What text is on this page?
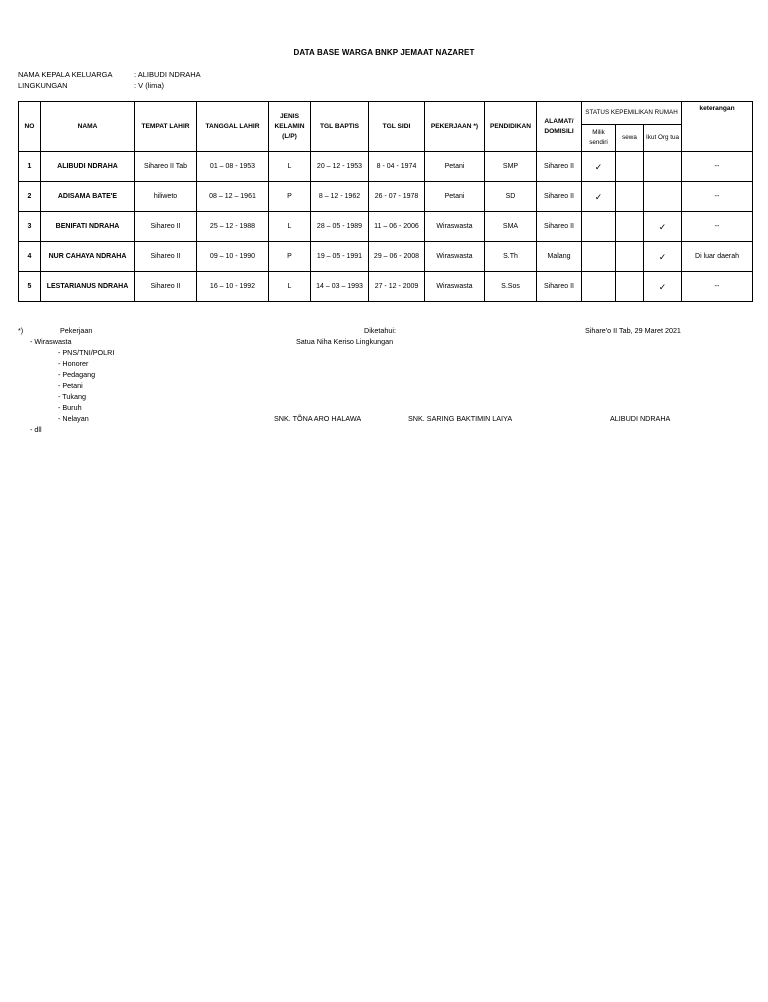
DATA BASE WARGA BNKP JEMAAT NAZARET
NAMA KEPALA KELUARGA	: ALIBUDI NDRAHA
LINGKUNGAN	: V (lima)
NO	NAMA	TEMPAT LAHIR	TANGGAL LAHIR	JENIS KELAMIN (L/P)	TGL BAPTIS	TGL SIDI	PEKERJAAN *)	PENDIDIKAN	ALAMAT/ DOMISILI	STATUS KEPEMILIKAN RUMAH			keterangan
										Milik sendiri	sewa	Ikut Org tua	
1	ALIBUDI NDRAHA	Sihareo II Tab	01 – 08 - 1953	L	20 – 12 - 1953	8 - 04 - 1974	Petani	SMP	Sihareo II	✓			--
2	ADISAMA BATE'E	hiliweto	08 – 12 – 1961	P	8 – 12 - 1962	26 - 07 - 1978	Petani	SD	Sihareo II	✓			--
3	BENIFATI NDRAHA	Sihareo II	25 – 12 - 1988	L	28 – 05 - 1989	11 – 06 - 2006	Wiraswasta	SMA	Sihareo II			✓	--
4	NUR CAHAYA NDRAHA	Sihareo II	09 – 10 - 1990	P	19 – 05 - 1991	29 – 06 - 2008	Wiraswasta	S.Th	Malang			✓	Di luar daerah
5	LESTARIANUS NDRAHA	Sihareo II	16 – 10 - 1992	L	14 – 03 – 1993	27 - 12 - 2009	Wiraswasta	S.Sos	Sihareo II			✓	--
*)	Pekerjaan
- Wiraswasta
- PNS/TNI/POLRI
- Honorer
- Pedagang
- Petani
- Tukang
- Buruh
- Nelayan
- dll
Diketahui:
Satua Niha Keriso Lingkungan
Sihare'o II Tab, 29 Maret 2021
SNK. TÕNA ARO HALAWA	SNK. SARING BAKTIMIN LAIYA	ALIBUDI NDRAHA
